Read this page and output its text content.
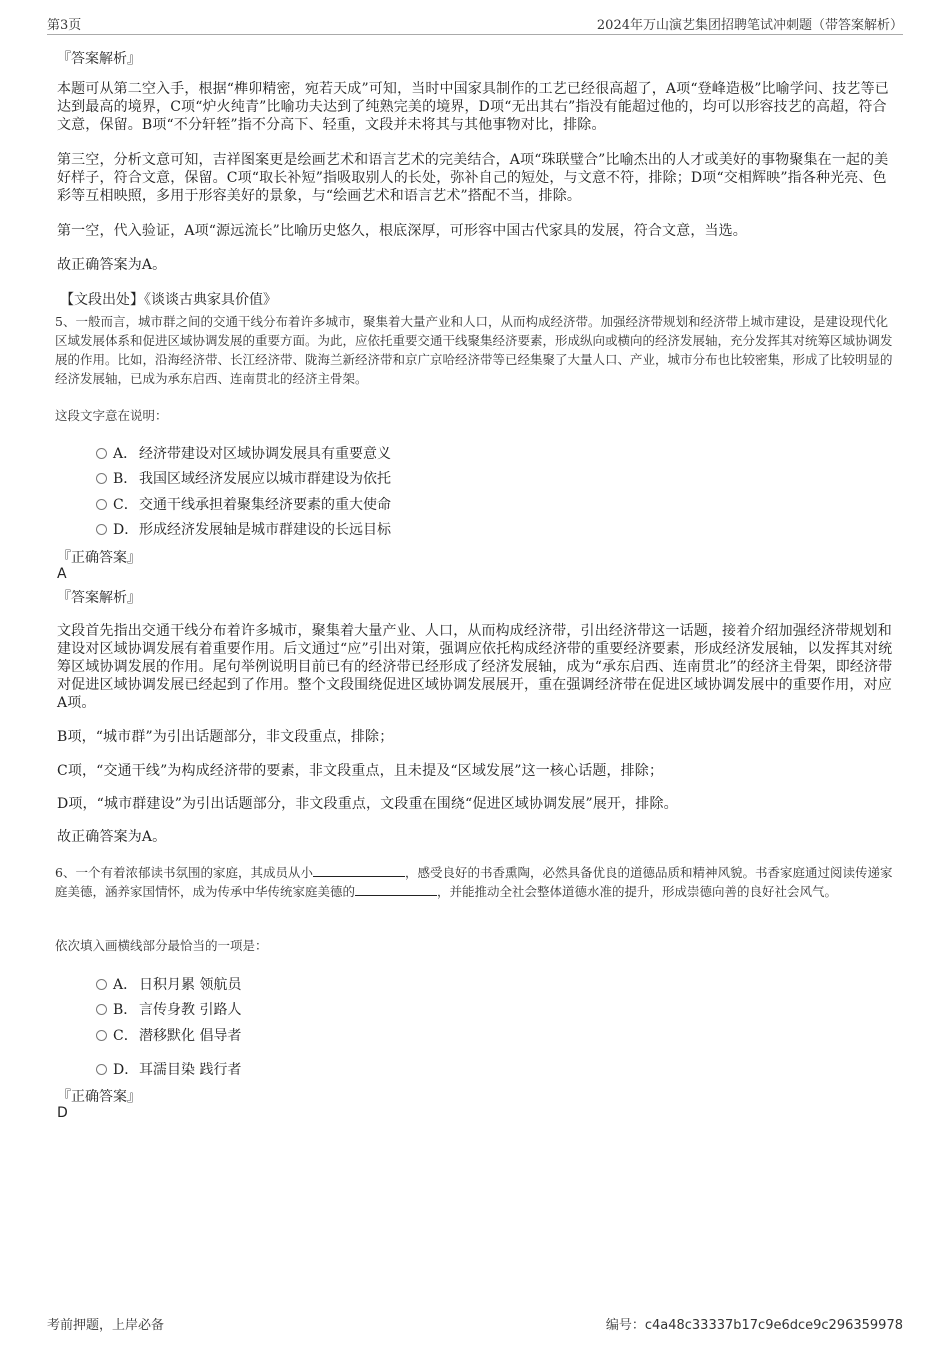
第3页	2024年万山演艺集团招聘笔试冲刺题（带答案解析）

『答案解析』

本题可从第二空入手，根据“榫卯精密，宛若天成”可知，当时中国家具制作的工艺已经很高超了，A项“登峰造极”比喻学问、技艺等已达到最高的境界，C项“炉火纯青”比喻功夫达到了纯熟完美的境界，D项“无出其右”指没有能超过他的，均可以形容技艺的高超，符合文意，保留。B项“不分轩轾”指不分高下、轻重，文段并未将其与其他事物对比，排除。

第三空，分析文意可知，吉祥图案更是绘画艺术和语言艺术的完美结合，A项“珠联璧合”比喻杰出的人才或美好的事物聚集在一起的美好样子，符合文意，保留。C项“取长补短”指吸取别人的长处，弥补自己的短处，与文意不符，排除；D项“交相辉映”指各种光亮、色彩等互相映照，多用于形容美好的景象，与“绘画艺术和语言艺术”搭配不当，排除。

第一空，代入验证，A项“源远流长”比喻历史悠久，根底深厚，可形容中国古代家具的发展，符合文意，当选。

故正确答案为A。

【文段出处】《谈谈古典家具价值》

5、一般而言，城市群之间的交通干线分布着许多城市，聚集着大量产业和人口，从而构成经济带。加强经济带规划和经济带上城市建设，是建设现代化区域发展体系和促进区域协调发展的重要方面。为此，应依托重要交通干线聚集经济要素，形成纵向或横向的经济发展轴，充分发挥其对统筹区域协调发展的作用。比如，沿海经济带、长江经济带、陇海兰新经济带和京广京哈经济带等已经集聚了大量人口、产业，城市分布也比较密集，形成了比较明显的经济发展轴，已成为承东启西、连南贯北的经济主骨架。

这段文字意在说明：

A． 经济带建设对区域协调发展具有重要意义
B． 我国区域经济发展应以城市群建设为依托
C．交通干线承担着聚集经济要素的重大使命
D．形成经济发展轴是城市群建设的长远目标

『正确答案』

A

『答案解析』

文段首先指出交通干线分布着许多城市，聚集着大量产业、人口，从而构成经济带，引出经济带这一话题，接着介绍加强经济带规划和建设对区域协调发展有着重要作用。后文通过“应”引出对策，强调应依托构成经济带的重要经济要素，形成经济发展轴，以发挥其对统筹区域协调发展的作用。尾句举例说明目前已有的经济带已经形成了经济发展轴，成为“承东启西、连南贯北”的经济主骨架，即经济带对促进区域协调发展已经起到了作用。整个文段围绕促进区域协调发展展开，重在强调经济带在促进区域协调发展中的重要作用，对应A项。

B项，“城市群”为引出话题部分，非文段重点，排除；

C项，“交通干线”为构成经济带的要素，非文段重点，且未提及“区域发展”这一核心话题，排除；

D项，“城市群建设”为引出话题部分，非文段重点，文段重在围绕“促进区域协调发展”展开，排除。

故正确答案为A。

6、一个有着浓郁读书氛围的家庭，其成员从小	，感受良好的书香熏陶，必然具备优良的道德品质和精神风貌。书香家庭通过阅读传递家庭美德，涵养家国情怀，成为传承中华传统家庭美德的	，并能推动全社会整体道德水准的提升，形成崇德向善的良好社会风气。

依次填入画横线部分最恰当的一项是：

A． 日积月累 领航员
B． 言传身教 引路人
C．潜移默化 倡导者
D．耳濡目染 践行者

『正确答案』

D

考前押题，上岸必备	编号：c4a48c33337b17c9e6dce9c296359978
